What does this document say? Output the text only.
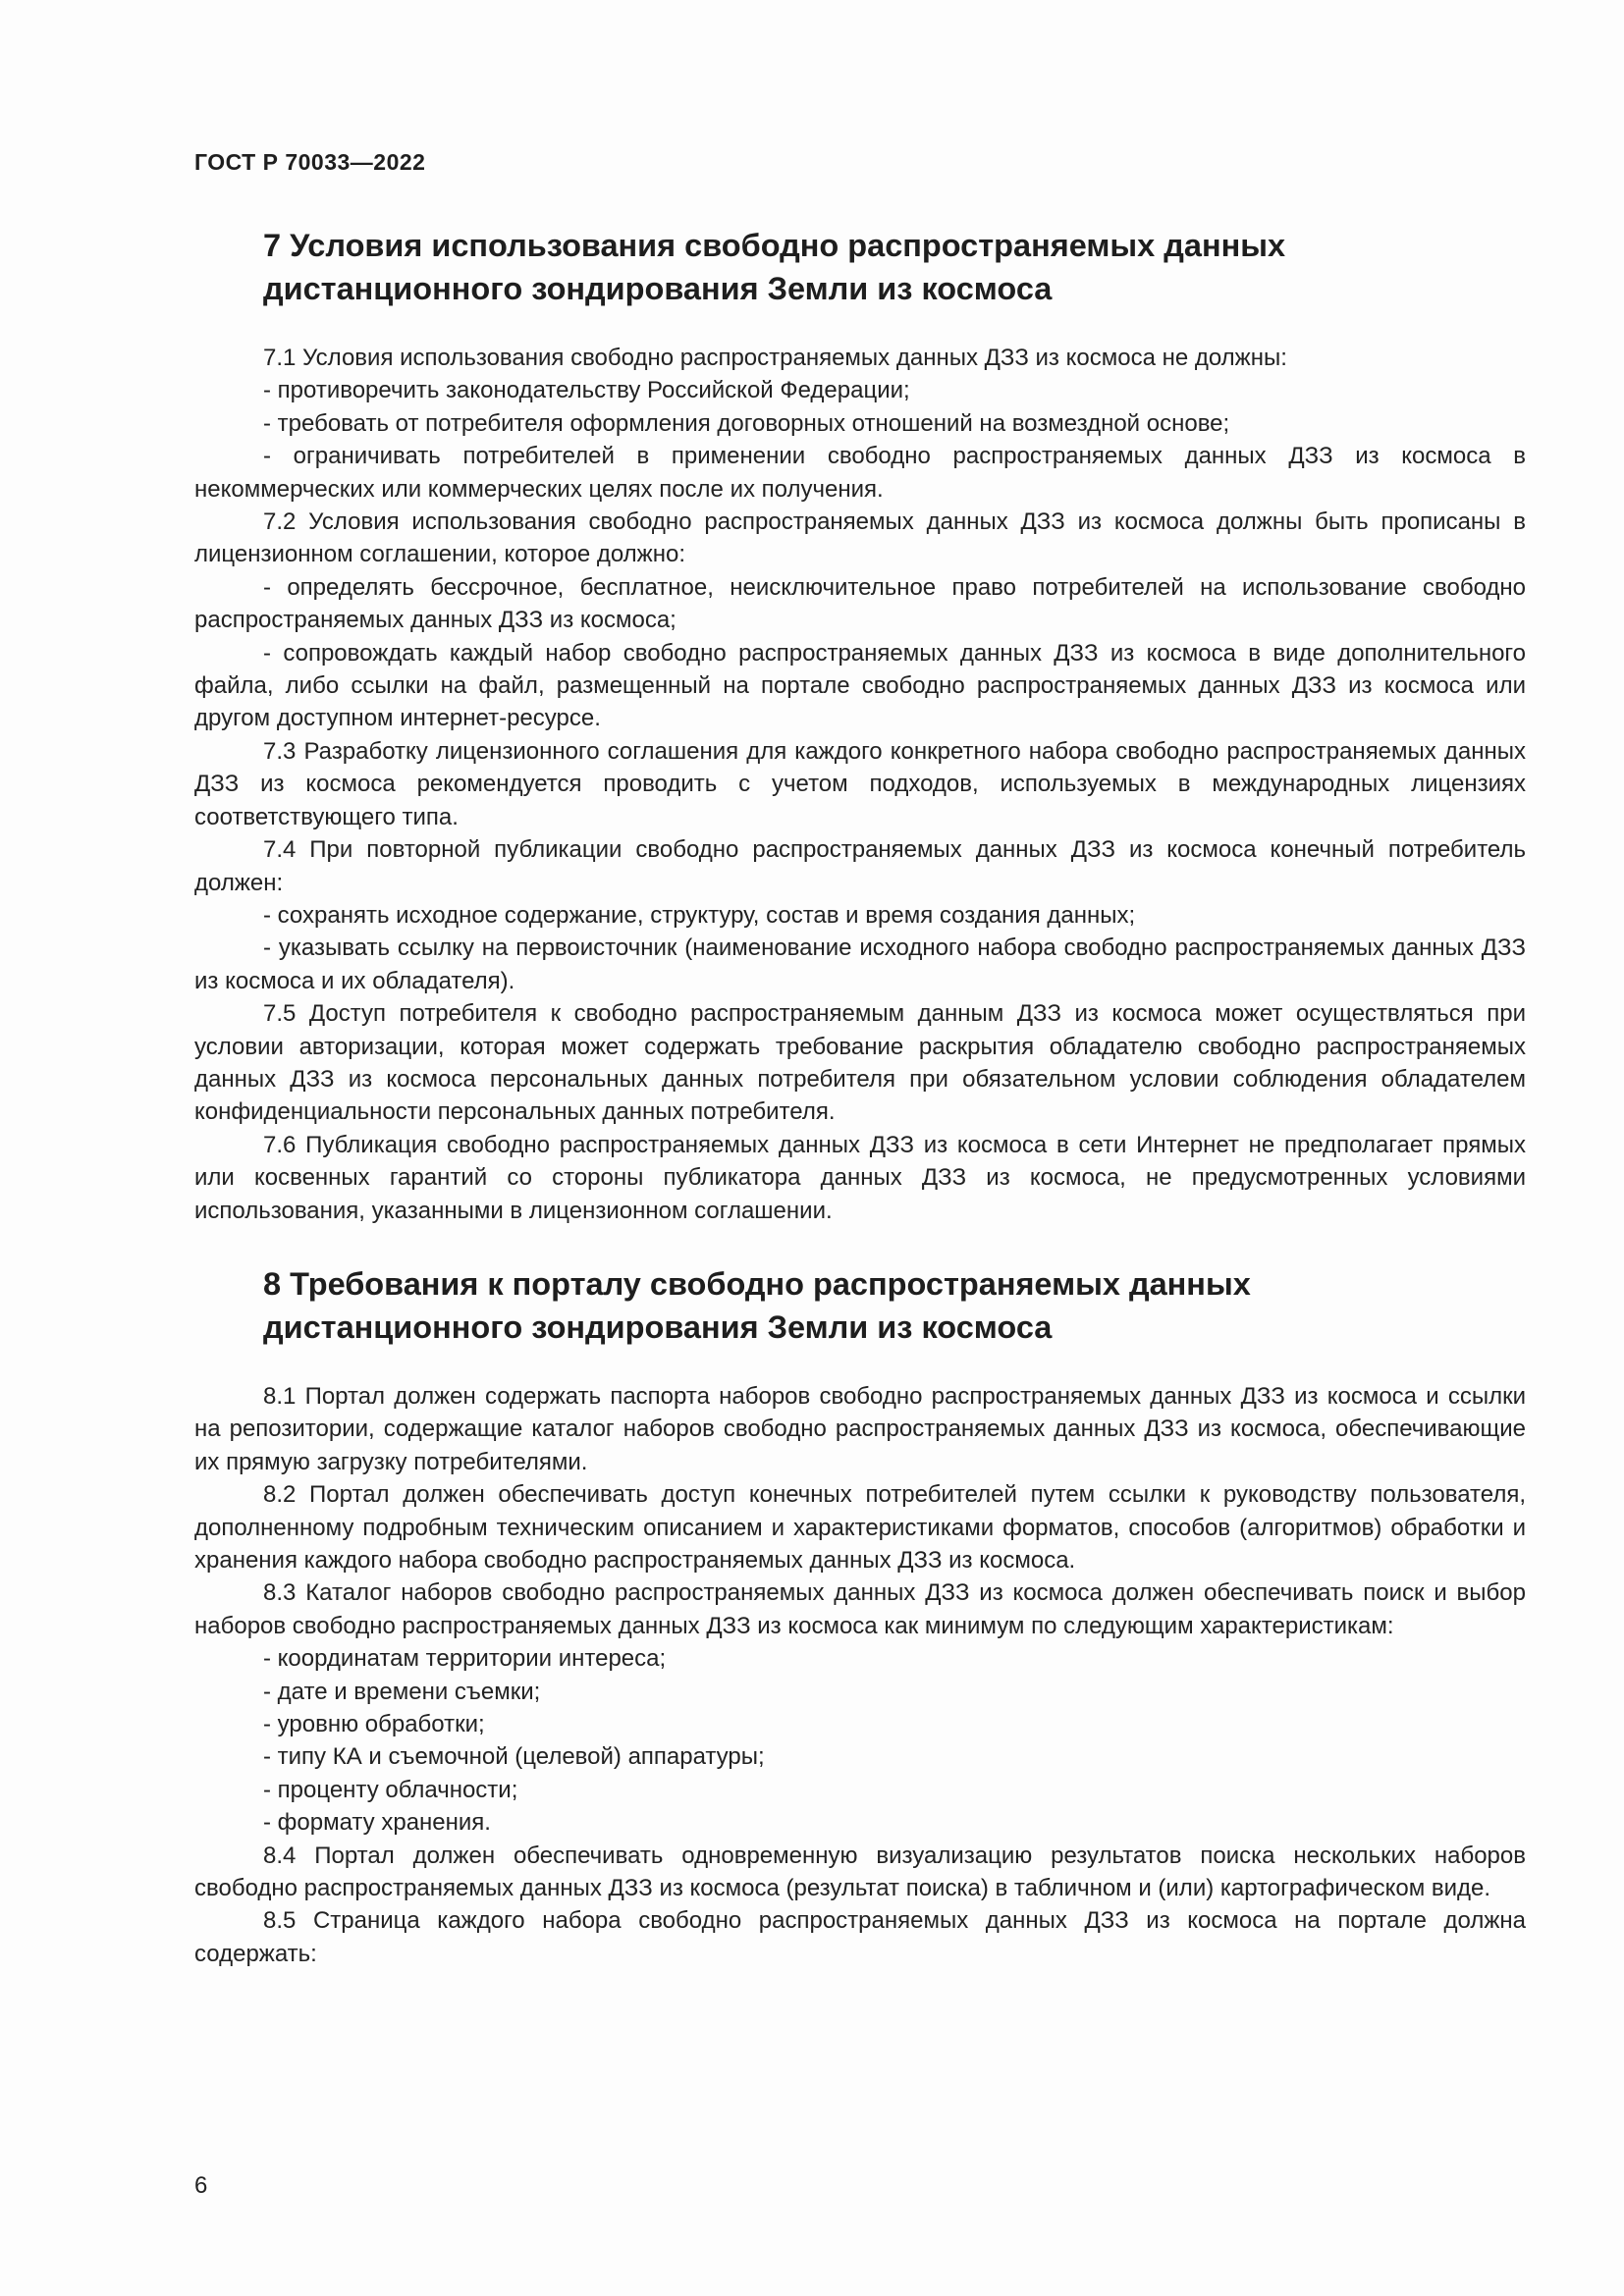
ГОСТ Р 70033—2022
7 Условия использования свободно распространяемых данных
дистанционного зондирования Земли из космоса

7.1 Условия использования свободно распространяемых данных ДЗЗ из космоса не должны:

- противоречить законодательству Российской Федерации;

- требовать от потребителя оформления договорных отношений на возмездной основе;

- ограничивать потребителей в применении свободно распространяемых данных ДЗЗ из космоса в некоммерческих или коммерческих целях после их получения.

7.2 Условия использования свободно распространяемых данных ДЗЗ из космоса должны быть прописаны в лицензионном соглашении, которое должно:

- определять бессрочное, бесплатное, неисключительное право потребителей на использование свободно распространяемых данных ДЗЗ из космоса;

- сопровождать каждый набор свободно распространяемых данных ДЗЗ из космоса в виде дополнительного файла, либо ссылки на файл, размещенный на портале свободно распространяемых данных ДЗЗ из космоса или другом доступном интернет-ресурсе.

7.3 Разработку лицензионного соглашения для каждого конкретного набора свободно распространяемых данных ДЗЗ из космоса рекомендуется проводить с учетом подходов, используемых в международных лицензиях соответствующего типа.

7.4 При повторной публикации свободно распространяемых данных ДЗЗ из космоса конечный потребитель должен:

- сохранять исходное содержание, структуру, состав и время создания данных;

- указывать ссылку на первоисточник (наименование исходного набора свободно распространяемых данных ДЗЗ из космоса и их обладателя).

7.5 Доступ потребителя к свободно распространяемым данным ДЗЗ из космоса может осуществляться при условии авторизации, которая может содержать требование раскрытия обладателю свободно распространяемых данных ДЗЗ из космоса персональных данных потребителя при обязательном условии соблюдения обладателем конфиденциальности персональных данных потребителя.

7.6 Публикация свободно распространяемых данных ДЗЗ из космоса в сети Интернет не предполагает прямых или косвенных гарантий со стороны публикатора данных ДЗЗ из космоса, не предусмотренных условиями использования, указанными в лицензионном соглашении.

8 Требования к порталу свободно распространяемых данных
дистанционного зондирования Земли из космоса

8.1 Портал должен содержать паспорта наборов свободно распространяемых данных ДЗЗ из космоса и ссылки на репозитории, содержащие каталог наборов свободно распространяемых данных ДЗЗ из космоса, обеспечивающие их прямую загрузку потребителями.

8.2 Портал должен обеспечивать доступ конечных потребителей путем ссылки к руководству пользователя, дополненному подробным техническим описанием и характеристиками форматов, способов (алгоритмов) обработки и хранения каждого набора свободно распространяемых данных ДЗЗ из космоса.

8.3 Каталог наборов свободно распространяемых данных ДЗЗ из космоса должен обеспечивать поиск и выбор наборов свободно распространяемых данных ДЗЗ из космоса как минимум по следующим характеристикам:

- координатам территории интереса;

- дате и времени съемки;

- уровню обработки;

- типу КА и съемочной (целевой) аппаратуры;

- проценту облачности;

- формату хранения.

8.4 Портал должен обеспечивать одновременную визуализацию результатов поиска нескольких наборов свободно распространяемых данных ДЗЗ из космоса (результат поиска) в табличном и (или) картографическом виде.

8.5 Страница каждого набора свободно распространяемых данных ДЗЗ из космоса на портале должна содержать:

6
